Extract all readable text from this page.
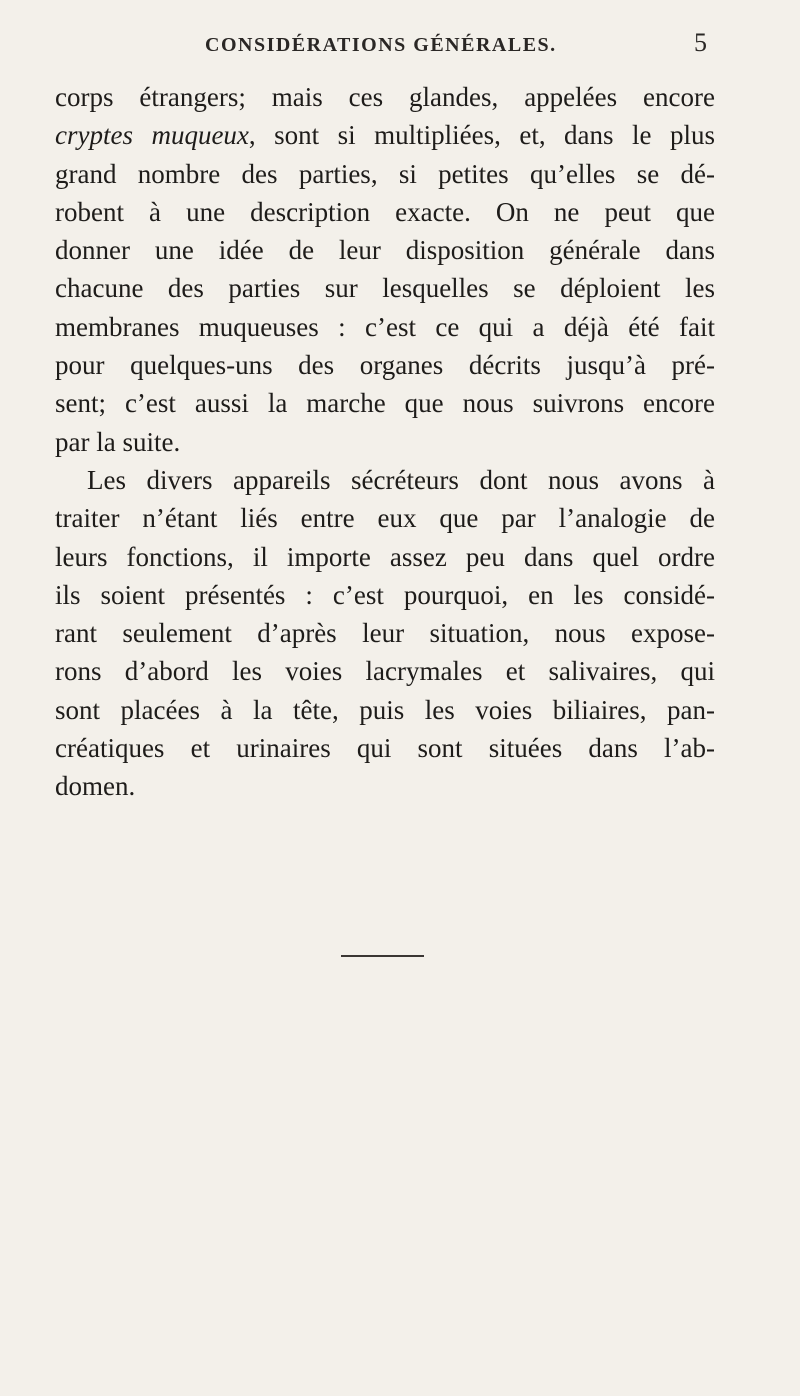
CONSIDÉRATIONS GÉNÉRALES.	5
corps étrangers; mais ces glandes, appelées encore
cryptes muqueux, sont si multipliées, et, dans le plus
grand nombre des parties, si petites qu’elles se dé-
robent à une description exacte. On ne peut que
donner une idée de leur disposition générale dans
chacune des parties sur lesquelles se déploient les
membranes muqueuses : c’est ce qui a déjà été fait
pour quelques-uns des organes décrits jusqu’à pré-
sent; c’est aussi la marche que nous suivrons encore
par la suite.
Les divers appareils sécréteurs dont nous avons à
traiter n’étant liés entre eux que par l’analogie de
leurs fonctions, il importe assez peu dans quel ordre
ils soient présentés : c’est pourquoi, en les considé-
rant seulement d’après leur situation, nous expose-
rons d’abord les voies lacrymales et salivaires, qui
sont placées à la tête, puis les voies biliaires, pan-
créatiques et urinaires qui sont situées dans l’ab-
domen.
